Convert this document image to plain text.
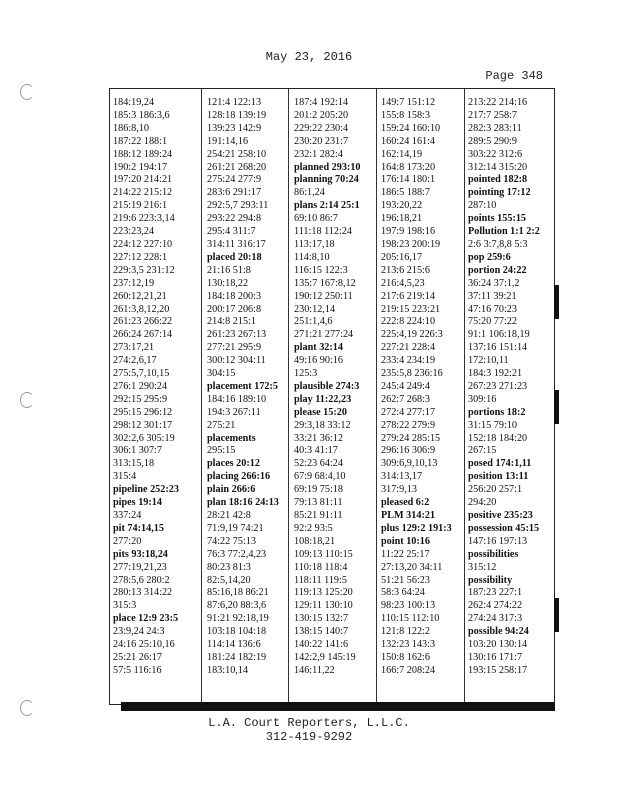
May 23, 2016
Page 348
184:19,24
185:3 186:3,6
186:8,10
187:22 188:1
188:12 189:24
190:2 194:17
197:20 214:21
214:22 215:12
215:19 216:1
219:6 223:3,14
223:23,24
224:12 227:10
227:12 228:1
229:3,5 231:12
237:12,19
260:12,21,21
261:3,8,12,20
261:23 266:22
266:24 267:14
273:17,21
274:2,6,17
275:5,7,10,15
276:1 290:24
292:15 295:9
295:15 296:12
298:12 301:17
302:2,6 305:19
306:1 307:7
313:15,18
315:4
pipeline 252:23
pipes 19:14
337:24
pit 74:14,15
277:20
pits 93:18,24
277:19,21,23
278:5,6 280:2
280:13 314:22
315:3
place 12:9 23:5
23:9,24 24:3
24:16 25:10,16
25:21 26:17
57:5 116:16
121:4 122:13
128:18 139:19
139:23 142:9
191:14,16
254:21 258:10
261:21 268:20
275:24 277:9
283:6 291:17
292:5,7 293:11
293:22 294:8
295:4 311:7
314:11 316:17
placed 20:18
21:16 51:8
130:18,22
184:18 200:3
200:17 206:8
214:8 215:1
261:23 267:13
277:21 295:9
300:12 304:11
304:15
placement 172:5
184:16 189:10
194:3 267:11
275:21
placements
295:15
places 20:12
placing 266:16
plain 266:6
plan 18:16 24:13
28:21 42:8
71:9,19 74:21
74:22 75:13
76:3 77:2,4,23
80:23 81:3
82:5,14,20
85:16,18 86:21
87:6,20 88:3,6
91:21 92:18,19
103:18 104:18
114:14 136:6
181:24 182:19
183:10,14
187:4 192:14
201:2 205:20
229:22 230:4
230:20 231:7
232:1 282:4
planned 293:10
planning 70:24
86:1,24
plans 2:14 25:1
69:10 86:7
111:18 112:24
113:17,18
114:8,10
116:15 122:3
135:7 167:8,12
190:12 250:11
230:12,14
251:1,4,6
271:21 277:24
plant 32:14
49:16 90:16
125:3
plausible 274:3
play 11:22,23
please 15:20
29:3,18 33:12
33:21 36:12
40:3 41:17
52:23 64:24
67:9 68:4,10
69:19 75:18
79:13 81:11
85:21 91:11
92:2 93:5
108:18,21
109:13 110:15
110:18 118:4
118:11 119:5
119:13 125:20
129:11 130:10
130:15 132:7
138:15 140:7
140:22 141:6
142:2,9 145:19
146:11,22
149:7 151:12
155:8 158:3
159:24 160:10
160:24 161:4
162:14,19
164:8 173:20
176:14 180:1
186:5 188:7
193:20,22
196:18,21
197:9 198:16
198:23 200:19
205:16,17
213:6 215:6
216:4,5,23
217:6 219:14
219:15 223:21
222:8 224:10
225:4,19 226:3
227:21 228:4
233:4 234:19
235:5,8 236:16
245:4 249:4
262:7 268:3
272:4 277:17
278:22 279:9
279:24 285:15
296:16 306:9
309:6,9,10,13
314:13,17
317:9,13
pleased 6:2
PLM 314:21
plus 129:2 191:3
point 10:16
11:22 25:17
27:13,20 34:11
51:21 56:23
58:3 64:24
98:23 100:13
110:15 112:10
121:8 122:2
132:23 143:3
150:8 162:6
166:7 208:24
213:22 214:16
217:7 258:7
282:3 283:11
289:5 290:9
303:22 312:6
312:14 315:20
pointed 182:8
pointing 17:12
287:10
points 155:15
Pollution 1:1 2:2
2:6 3:7,8,8 5:3
pop 259:6
portion 24:22
36:24 37:1,2
37:11 39:21
47:16 70:23
75:20 77:22
91:1 106:18,19
137:16 151:14
172:10,11
184:3 192:21
267:23 271:23
309:16
portions 18:2
31:15 79:10
152:18 184:20
267:15
posed 174:1,11
position 13:11
256:20 257:1
294:20
positive 235:23
possession 45:15
147:16 197:13
possibilities
315:12
possibility
187:23 227:1
262:4 274:22
274:24 317:3
possible 94:24
103:20 130:14
130:16 171:7
193:15 258:17
L.A. Court Reporters, L.L.C.
312-419-9292
